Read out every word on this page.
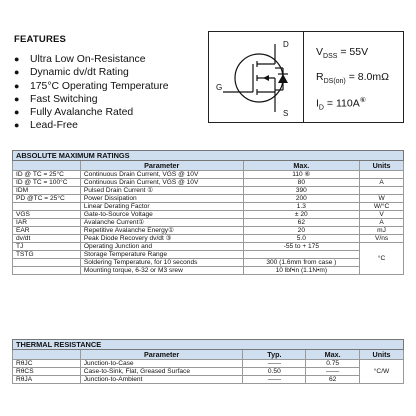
FEATURES
● Ultra Low On-Resistance
● Dynamic dv/dt Rating
● 175°C Operating Temperature
● Fast Switching
● Fully Avalanche Rated
● Lead-Free
D
G
S
$V_{DSS} = 55V$
$R_{DS(on)} = 8.0m\Omega$
$I_D = 110A^⑥$
ABSOLUTE MAXIMUM RATINGS			
	Parameter	Max.	Units
ID @ TC = 25°C	Continuous Drain Current, VGS @ 10V	110 ⑥	
ID @ TC = 100°C	Continuous Drain Current, VGS @ 10V	80	A
IDM	Pulsed Drain Current ①	390	
PD @TC = 25°C	Power Dissipation	200	W
	Linear Derating Factor	1.3	W/°C
VGS	Gate-to-Source Voltage	± 20	V
IAR	Avalanche Current①	62	A
EAR	Repetitive Avalanche Energy①	20	mJ
dv/dt	Peak Diode Recovery dv/dt ③	5.0	V/ns
TJ	Operating Junction and	-55 to + 175	°C
TSTG	Storage Temperature Range		
	Soldering Temperature, for 10 seconds	300 (1.6mm from case )	
	Mounting torque, 6-32 or M3 srew	10 lbf•in (1.1N•m)	
THERMAL RESISTANCE				
	Parameter	Typ.	Max.	Units
RθJC	Junction-to-Case	——	0.75	°C/W
RθCS	Case-to-Sink, Flat, Greased Surface	0.50	——	
RθJA	Junction-to-Ambient	——	62	
